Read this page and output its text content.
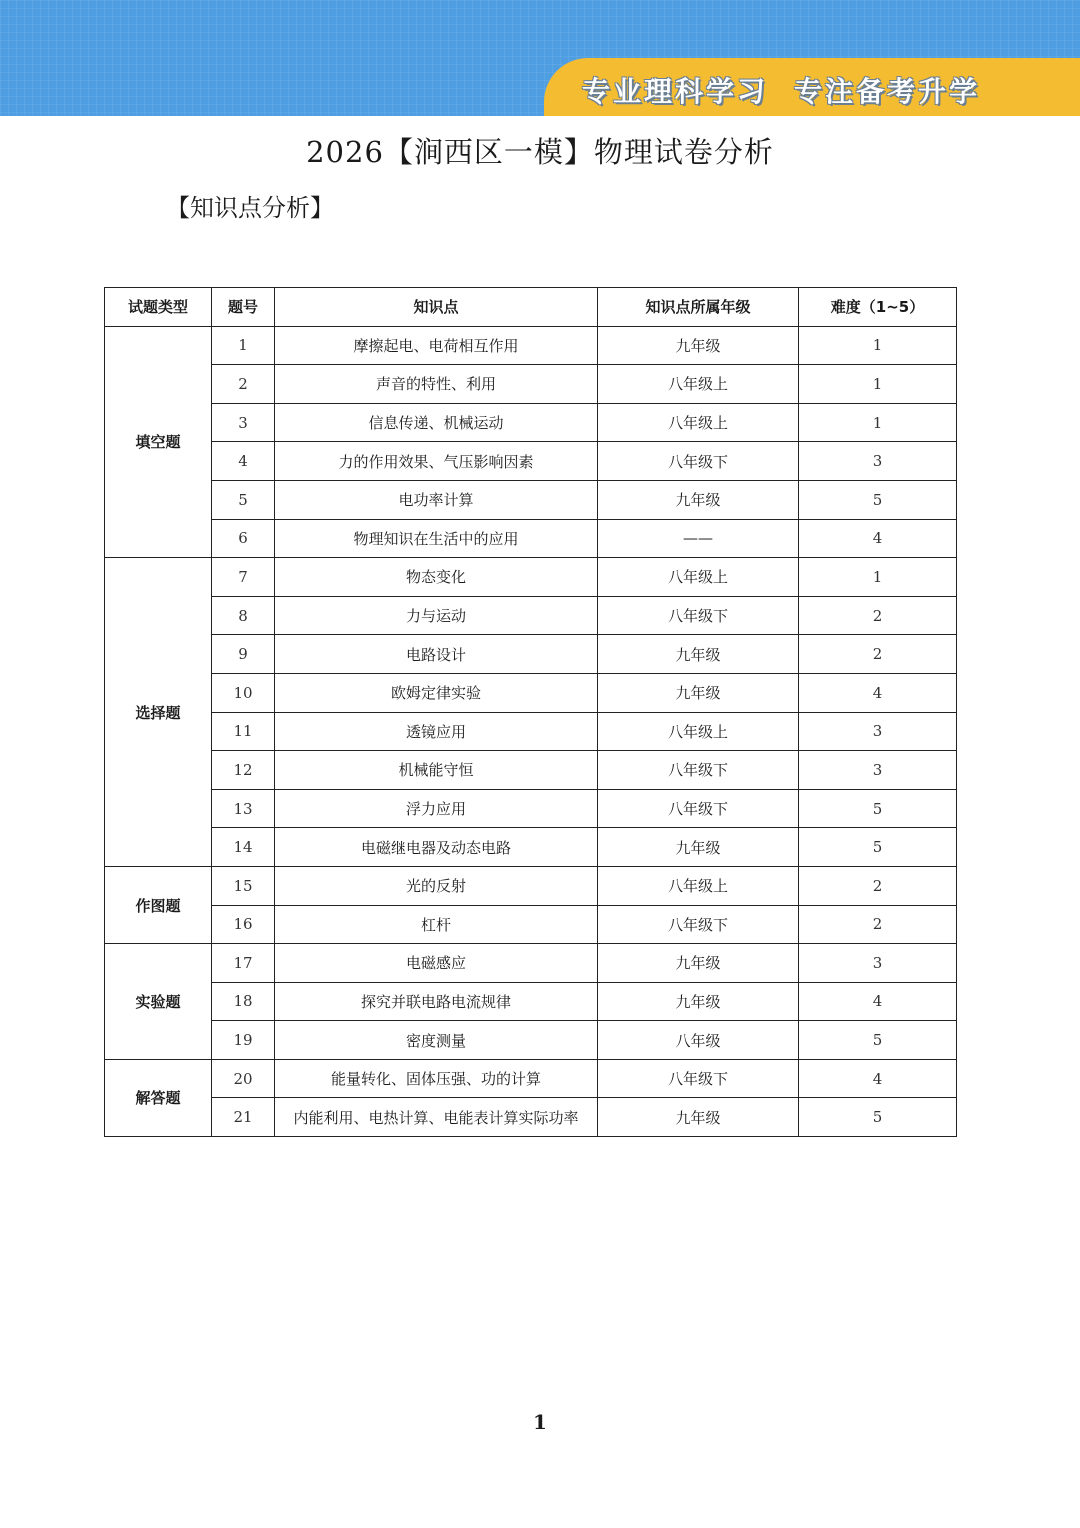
专业理科学习 专注备考升学
2026【涧西区一模】物理试卷分析
【知识点分析】
试题类型	题号	知识点	知识点所属年级	难度（1~5）
填空题	1	摩擦起电、电荷相互作用	九年级	1
	2	声音的特性、利用	八年级上	1
	3	信息传递、机械运动	八年级上	1
	4	力的作用效果、气压影响因素	八年级下	3
	5	电功率计算	九年级	5
	6	物理知识在生活中的应用	——	4
选择题	7	物态变化	八年级上	1
	8	力与运动	八年级下	2
	9	电路设计	九年级	2
	10	欧姆定律实验	九年级	4
	11	透镜应用	八年级上	3
	12	机械能守恒	八年级下	3
	13	浮力应用	八年级下	5
	14	电磁继电器及动态电路	九年级	5
作图题	15	光的反射	八年级上	2
	16	杠杆	八年级下	2
实验题	17	电磁感应	九年级	3
	18	探究并联电路电流规律	九年级	4
	19	密度测量	八年级	5
解答题	20	能量转化、固体压强、功的计算	八年级下	4
	21	内能利用、电热计算、电能表计算实际功率	九年级	5
1
